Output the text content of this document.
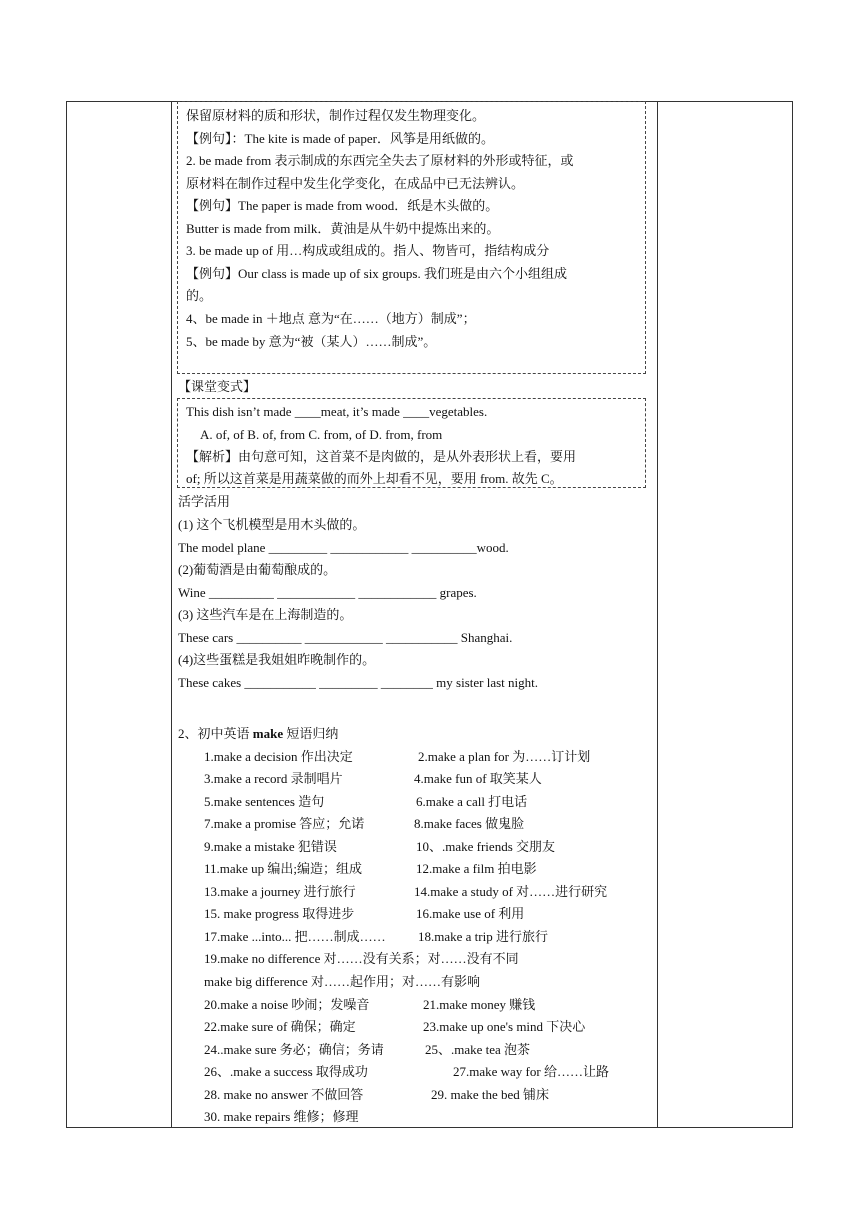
保留原材料的质和形状，制作过程仅发生物理变化。
【例句】：The kite is made of paper．风筝是用纸做的。
2. be made from 表示制成的东西完全失去了原材料的外形或特征，或
原材料在制作过程中发生化学变化，在成品中已无法辨认。
【例句】The paper is made from wood．纸是木头做的。
Butter is made from milk．黄油是从牛奶中提炼出来的。
3. be made up of 用…构成或组成的。指人、物皆可，指结构成分
【例句】Our class is made up of six groups. 我们班是由六个小组组成
的。
4、be made in ＋地点 意为“在……（地方）制成”；
5、be made by 意为“被（某人）……制成”。
【课堂变式】
This dish isn’t made ____meat, it’s made ____vegetables.
A. of, of B. of, from C. from, of D. from, from
【解析】由句意可知，这首菜不是肉做的，是从外表形状上看，要用
of; 所以这首菜是用蔬菜做的而外上却看不见，要用 from. 故先 C。
活学活用
(1) 这个飞机模型是用木头做的。
The model plane _________ ____________ __________wood.
(2)葡萄酒是由葡萄酿成的。
Wine __________ ____________ ____________ grapes.
(3) 这些汽车是在上海制造的。
These cars __________ ____________ ___________ Shanghai.
(4)这些蛋糕是我姐姐昨晚制作的。
These cakes ___________ _________ ________ my sister last night.
2、初中英语 make 短语归纳
1.make a decision 作出决定	2.make a plan for 为……订计划
3.make a record 录制唱片	4.make fun of 取笑某人
5.make sentences 造句	6.make a call 打电话
7.make a promise 答应；允诺	8.make faces 做鬼脸
9.make a mistake 犯错误	10、.make friends 交朋友
11.make up 编出;编造；组成	12.make a film 拍电影
13.make a journey 进行旅行	14.make a study of 对……进行研究
15. make progress 取得进步	16.make use of 利用
17.make ...into... 把……制成…… 18.make a trip 进行旅行
19.make no difference 对……没有关系；对……没有不同
make big difference 对……起作用；对……有影响
20.make a noise 吵闹；发噪音	21.make money 赚钱
22.make sure of 确保；确定	23.make up one's mind 下决心
24..make sure 务必；确信；务请	25、.make tea 泡茶
26、.make a success 取得成功	27.make way for 给……让路
28. make no answer 不做回答	29. make the bed 铺床
30. make repairs 维修；修理
